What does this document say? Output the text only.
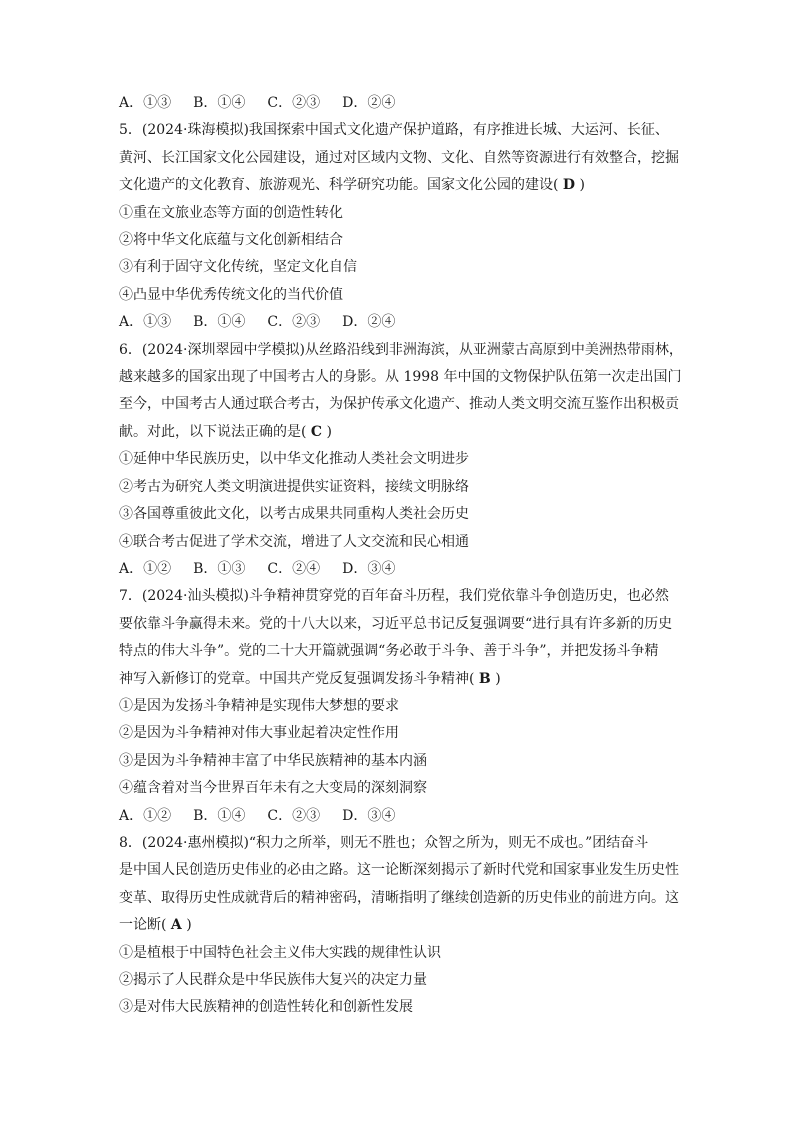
A．①③ B．①④ C．②③ D．②④
5．(2024·珠海模拟)我国探索中国式文化遗产保护道路，有序推进长城、大运河、长征、
黄河、长江国家文化公园建设，通过对区域内文物、文化、自然等资源进行有效整合，挖掘
文化遗产的文化教育、旅游观光、科学研究功能。国家文化公园的建设( D )
①重在文旅业态等方面的创造性转化
②将中华文化底蕴与文化创新相结合
③有利于固守文化传统，坚定文化自信
④凸显中华优秀传统文化的当代价值
A．①③ B．①④ C．②③ D．②④
6．(2024·深圳翠园中学模拟)从丝路沿线到非洲海滨，从亚洲蒙古高原到中美洲热带雨林，
越来越多的国家出现了中国考古人的身影。从 1998 年中国的文物保护队伍第一次走出国门
至今，中国考古人通过联合考古，为保护传承文化遗产、推动人类文明交流互鉴作出积极贡
献。对此，以下说法正确的是( C )
①延伸中华民族历史，以中华文化推动人类社会文明进步
②考古为研究人类文明演进提供实证资料，接续文明脉络
③各国尊重彼此文化，以考古成果共同重构人类社会历史
④联合考古促进了学术交流，增进了人文交流和民心相通
A．①② B．①③ C．②④ D．③④
7．(2024·汕头模拟)斗争精神贯穿党的百年奋斗历程，我们党依靠斗争创造历史，也必然
要依靠斗争赢得未来。党的十八大以来，习近平总书记反复强调要“进行具有许多新的历史
特点的伟大斗争”。党的二十大开篇就强调“务必敢于斗争、善于斗争”，并把发扬斗争精
神写入新修订的党章。中国共产党反复强调发扬斗争精神( B )
①是因为发扬斗争精神是实现伟大梦想的要求
②是因为斗争精神对伟大事业起着决定性作用
③是因为斗争精神丰富了中华民族精神的基本内涵
④蕴含着对当今世界百年未有之大变局的深刻洞察
A．①② B．①④ C．②③ D．③④
8．(2024·惠州模拟)“积力之所举，则无不胜也；众智之所为，则无不成也。”团结奋斗
是中国人民创造历史伟业的必由之路。这一论断深刻揭示了新时代党和国家事业发生历史性
变革、取得历史性成就背后的精神密码，清晰指明了继续创造新的历史伟业的前进方向。这
一论断( A )
①是植根于中国特色社会主义伟大实践的规律性认识
②揭示了人民群众是中华民族伟大复兴的决定力量
③是对伟大民族精神的创造性转化和创新性发展
